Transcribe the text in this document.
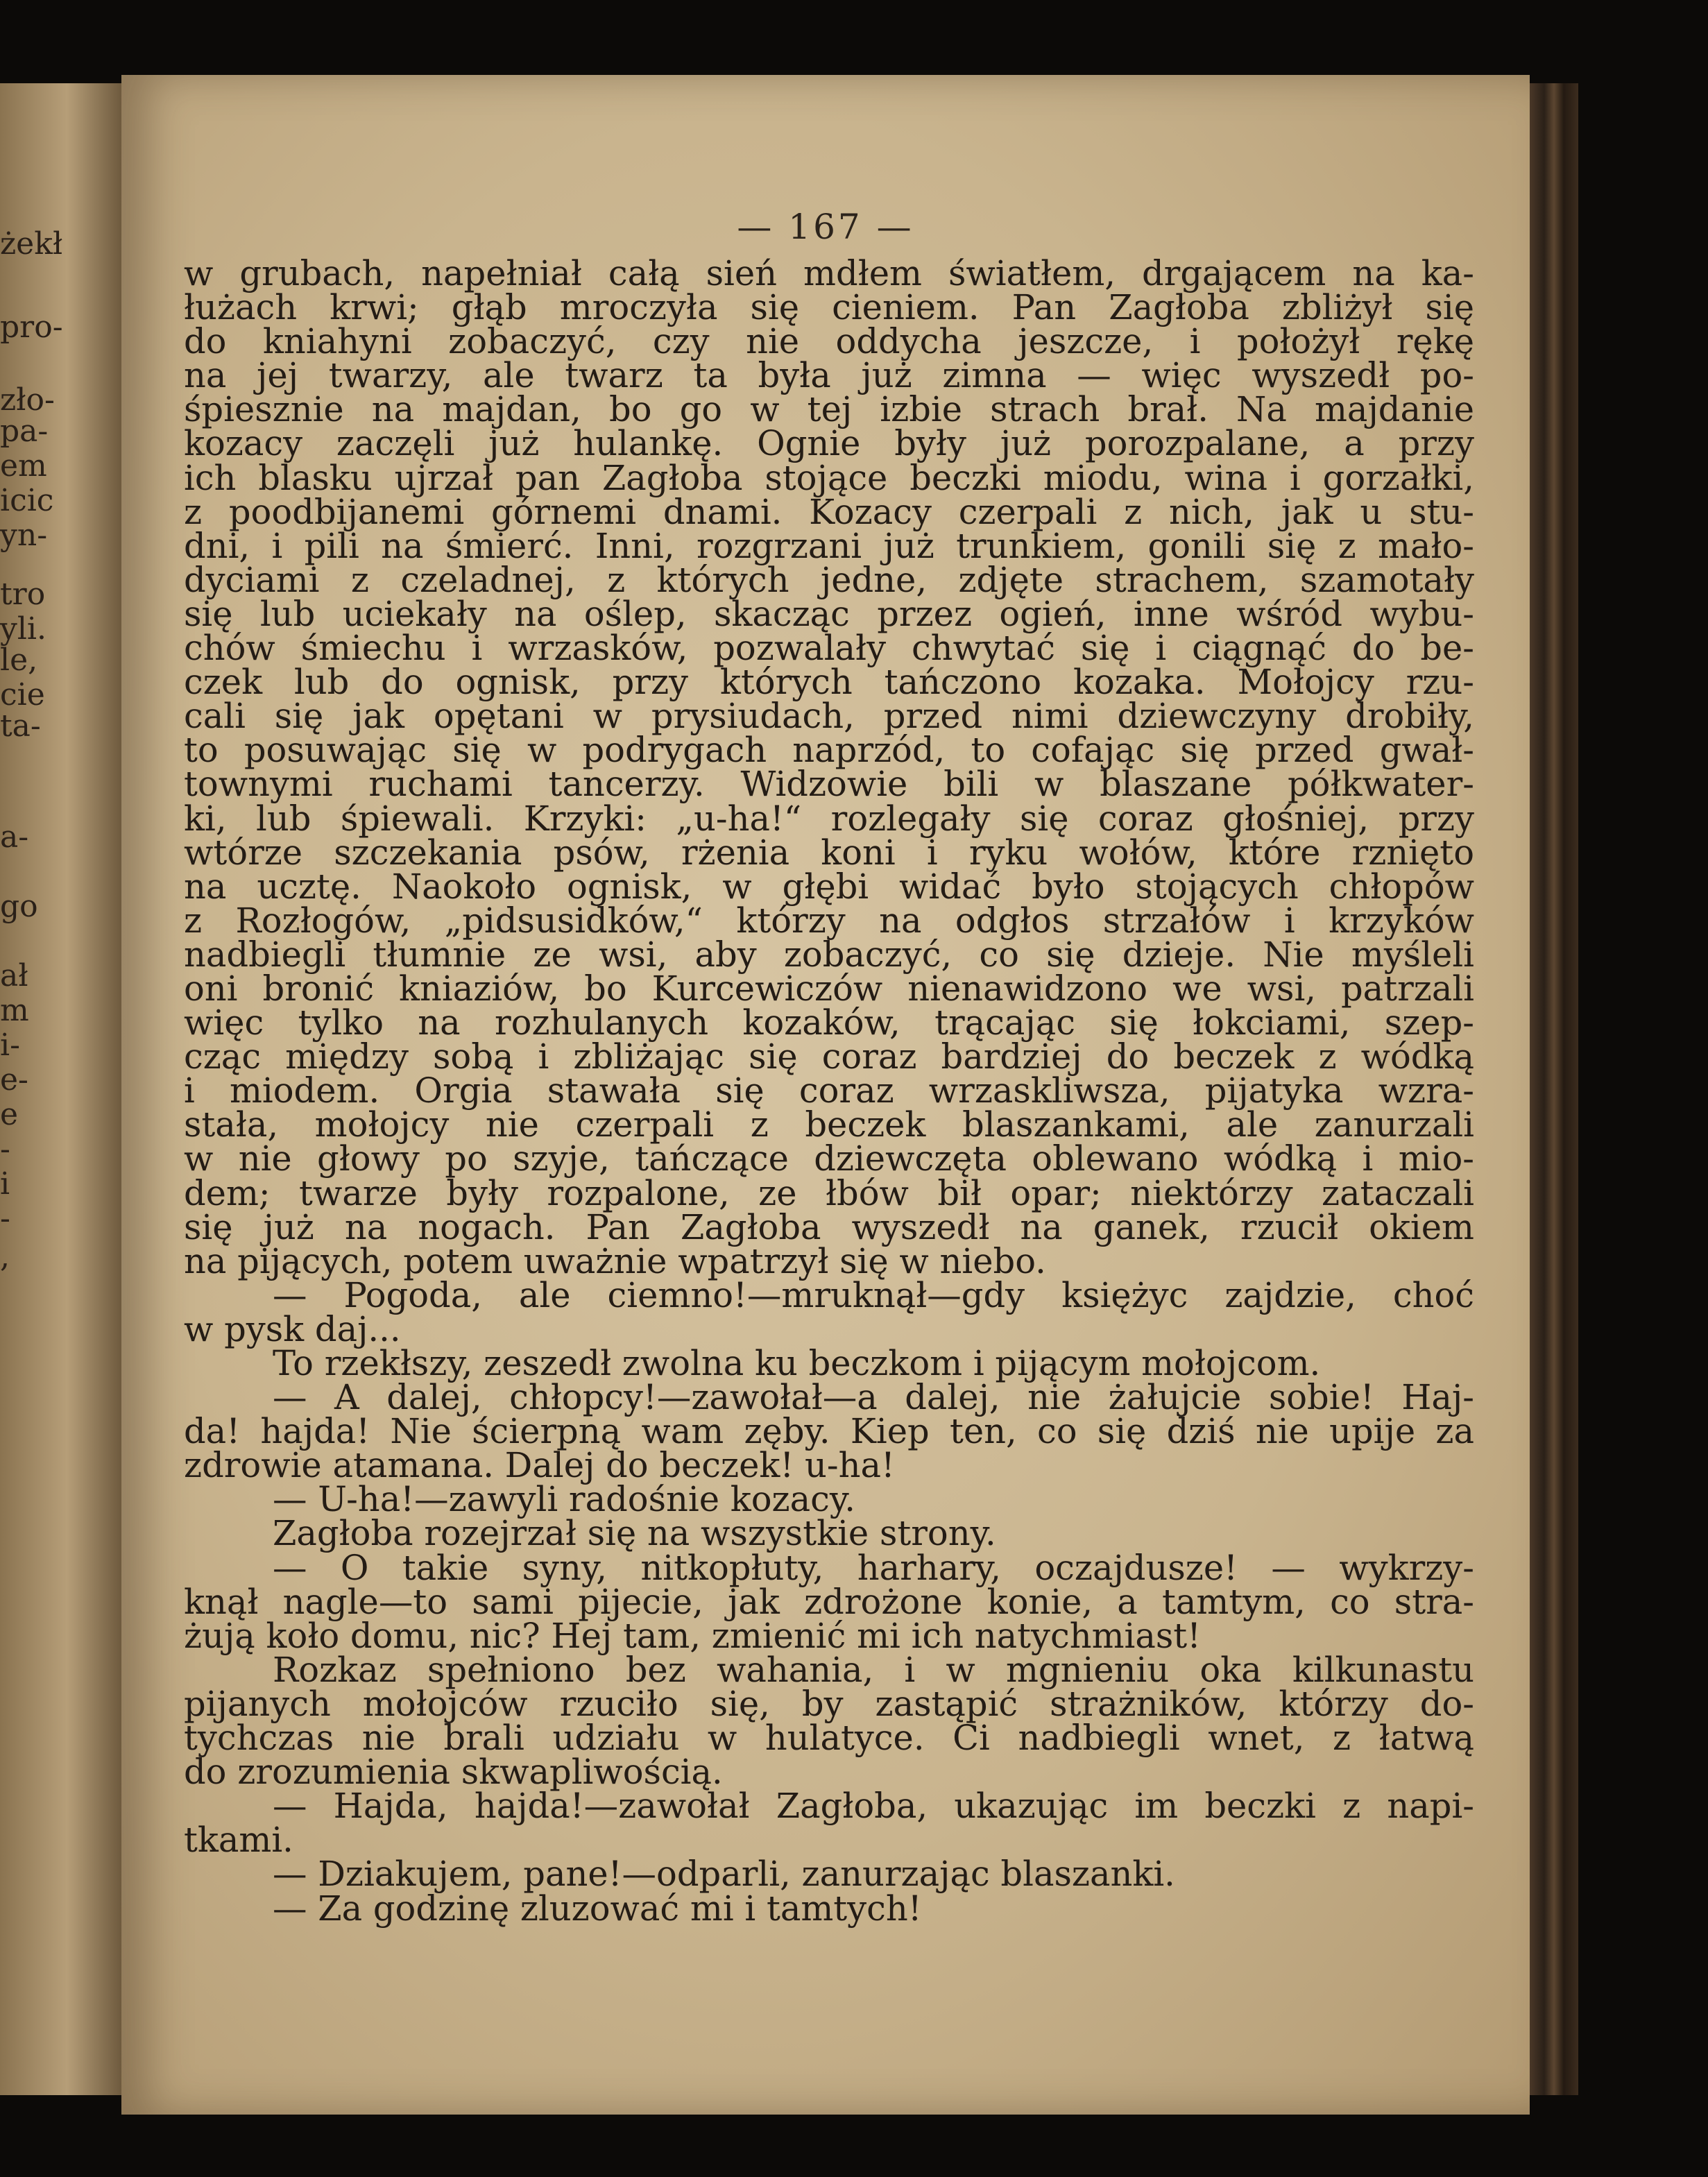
żekł
pro-
zło-
pa-
em
icic
yn-
tro
yli.
le,
cie
ta-
a-
go
ał
m
i-
e-
e
-
i
-
,
— 167 —
w grubach, napełniał całą sień mdłem światłem, drgającem na ka-
łużach krwi; głąb mroczyła się cieniem. Pan Zagłoba zbliżył się
do kniahyni zobaczyć, czy nie oddycha jeszcze, i położył rękę
na jej twarzy, ale twarz ta była już zimna — więc wyszedł po-
śpiesznie na majdan, bo go w tej izbie strach brał. Na majdanie
kozacy zaczęli już hulankę. Ognie były już porozpalane, a przy
ich blasku ujrzał pan Zagłoba stojące beczki miodu, wina i gorzałki,
z poodbijanemi górnemi dnami. Kozacy czerpali z nich, jak u stu-
dni, i pili na śmierć. Inni, rozgrzani już trunkiem, gonili się z mało-
dyciami z czeladnej, z których jedne, zdjęte strachem, szamotały
się lub uciekały na oślep, skacząc przez ogień, inne wśród wybu-
chów śmiechu i wrzasków, pozwalały chwytać się i ciągnąć do be-
czek lub do ognisk, przy których tańczono kozaka. Mołojcy rzu-
cali się jak opętani w prysiudach, przed nimi dziewczyny drobiły,
to posuwając się w podrygach naprzód, to cofając się przed gwał-
townymi ruchami tancerzy. Widzowie bili w blaszane półkwater-
ki, lub śpiewali. Krzyki: „u-ha!“ rozlegały się coraz głośniej, przy
wtórze szczekania psów, rżenia koni i ryku wołów, które rznięto
na ucztę. Naokoło ognisk, w głębi widać było stojących chłopów
z Rozłogów, „pidsusidków,“ którzy na odgłos strzałów i krzyków
nadbiegli tłumnie ze wsi, aby zobaczyć, co się dzieje. Nie myśleli
oni bronić kniaziów, bo Kurcewiczów nienawidzono we wsi, patrzali
więc tylko na rozhulanych kozaków, trącając się łokciami, szep-
cząc między sobą i zbliżając się coraz bardziej do beczek z wódką
i miodem. Orgia stawała się coraz wrzaskliwsza, pijatyka wzra-
stała, mołojcy nie czerpali z beczek blaszankami, ale zanurzali
w nie głowy po szyje, tańczące dziewczęta oblewano wódką i mio-
dem; twarze były rozpalone, ze łbów bił opar; niektórzy zataczali
się już na nogach. Pan Zagłoba wyszedł na ganek, rzucił okiem
na pijących, potem uważnie wpatrzył się w niebo.
— Pogoda, ale ciemno!—mruknął—gdy księżyc zajdzie, choć
w pysk daj...
To rzekłszy, zeszedł zwolna ku beczkom i pijącym mołojcom.
— A dalej, chłopcy!—zawołał—a dalej, nie żałujcie sobie! Haj-
da! hajda! Nie ścierpną wam zęby. Kiep ten, co się dziś nie upije za
zdrowie atamana. Dalej do beczek! u-ha!
— U-ha!—zawyli radośnie kozacy.
Zagłoba rozejrzał się na wszystkie strony.
— O takie syny, nitkopłuty, harhary, oczajdusze! — wykrzy-
knął nagle—to sami pijecie, jak zdrożone konie, a tamtym, co stra-
żują koło domu, nic? Hej tam, zmienić mi ich natychmiast!
Rozkaz spełniono bez wahania, i w mgnieniu oka kilkunastu
pijanych mołojców rzuciło się, by zastąpić strażników, którzy do-
tychczas nie brali udziału w hulatyce. Ci nadbiegli wnet, z łatwą
do zrozumienia skwapliwością.
— Hajda, hajda!—zawołał Zagłoba, ukazując im beczki z napi-
tkami.
— Dziakujem, pane!—odparli, zanurzając blaszanki.
— Za godzinę zluzować mi i tamtych!
